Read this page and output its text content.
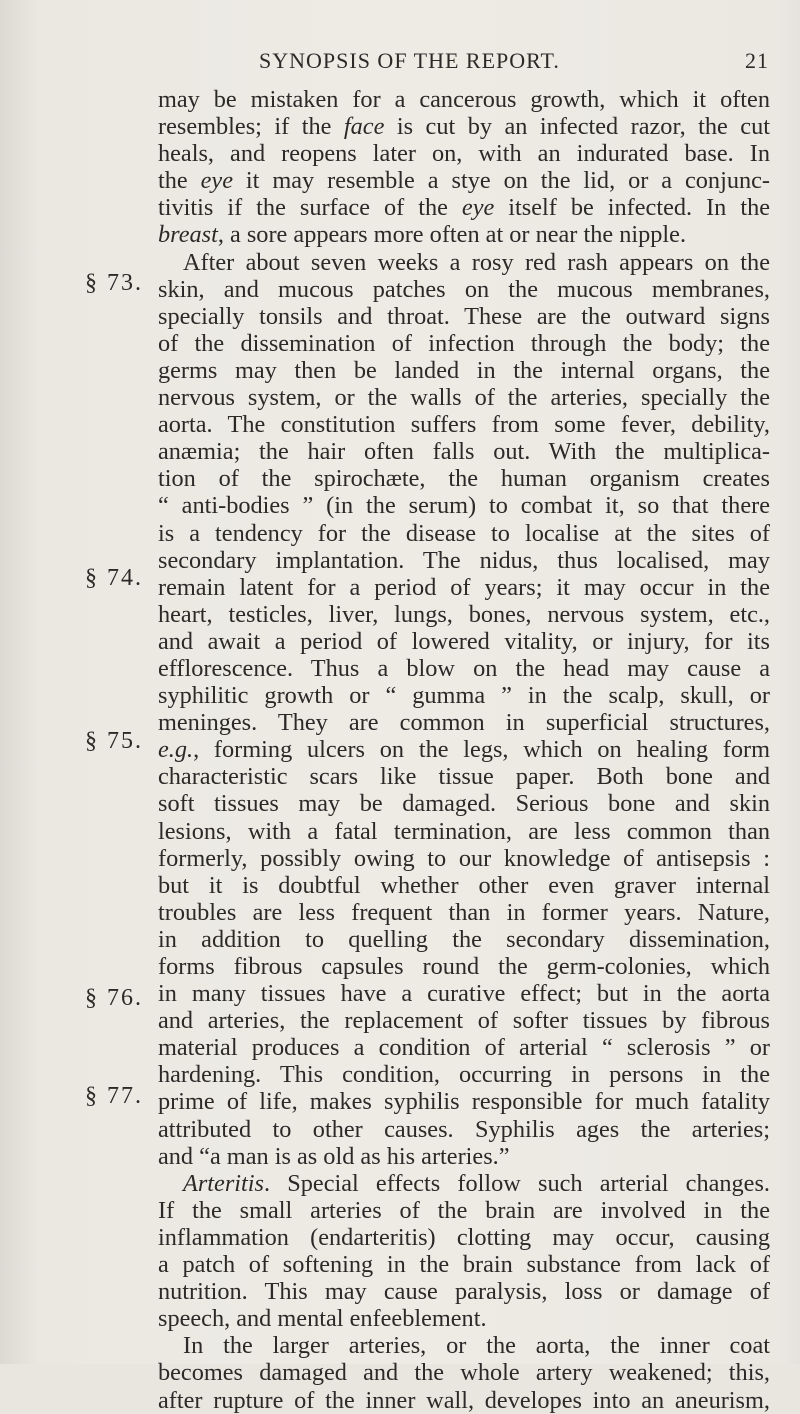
SYNOPSIS OF THE REPORT.	21
§ 73.
§ 74.
§ 75.
§ 76.
§ 77.
may be mistaken for a cancerous growth, which it often
resembles; if the face is cut by an infected razor, the cut
heals, and reopens later on, with an indurated base. In
the eye it may resemble a stye on the lid, or a conjunc-
tivitis if the surface of the eye itself be infected. In the
breast, a sore appears more often at or near the nipple.
After about seven weeks a rosy red rash appears on the
skin, and mucous patches on the mucous membranes,
specially tonsils and throat. These are the outward signs
of the dissemination of infection through the body; the
germs may then be landed in the internal organs, the
nervous system, or the walls of the arteries, specially the
aorta. The constitution suffers from some fever, debility,
anæmia; the hair often falls out. With the multiplica-
tion of the spirochæte, the human organism creates
“ anti-bodies ” (in the serum) to combat it, so that there
is a tendency for the disease to localise at the sites of
secondary implantation. The nidus, thus localised, may
remain latent for a period of years; it may occur in the
heart, testicles, liver, lungs, bones, nervous system, etc.,
and await a period of lowered vitality, or injury, for its
efflorescence. Thus a blow on the head may cause a
syphilitic growth or “ gumma ” in the scalp, skull, or
meninges. They are common in superficial structures,
e.g., forming ulcers on the legs, which on healing form
characteristic scars like tissue paper. Both bone and
soft tissues may be damaged. Serious bone and skin
lesions, with a fatal termination, are less common than
formerly, possibly owing to our knowledge of antisepsis :
but it is doubtful whether other even graver internal
troubles are less frequent than in former years. Nature,
in addition to quelling the secondary dissemination,
forms fibrous capsules round the germ-colonies, which
in many tissues have a curative effect; but in the aorta
and arteries, the replacement of softer tissues by fibrous
material produces a condition of arterial “ sclerosis ” or
hardening. This condition, occurring in persons in the
prime of life, makes syphilis responsible for much fatality
attributed to other causes. Syphilis ages the arteries;
and “a man is as old as his arteries.”
Arteritis. Special effects follow such arterial changes.
If the small arteries of the brain are involved in the
inflammation (endarteritis) clotting may occur, causing
a patch of softening in the brain substance from lack of
nutrition. This may cause paralysis, loss or damage of
speech, and mental enfeeblement.
In the larger arteries, or the aorta, the inner coat
becomes damaged and the whole artery weakened; this,
after rupture of the inner wall, developes into an aneurism,
